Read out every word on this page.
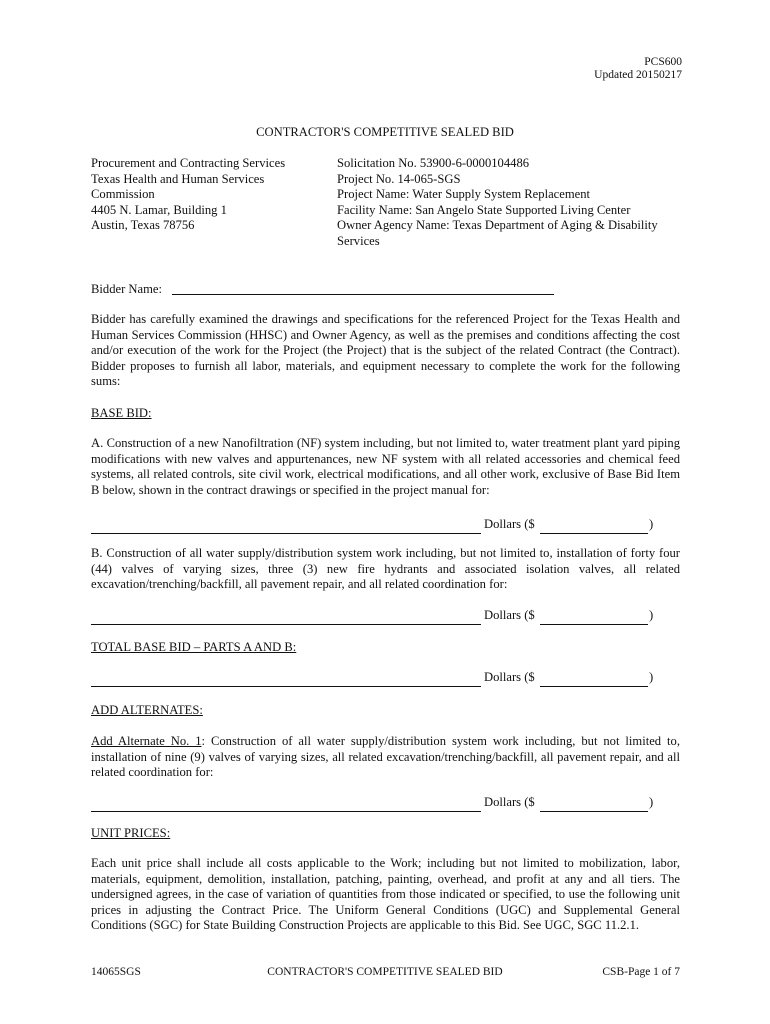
PCS600
Updated 20150217
CONTRACTOR'S COMPETITIVE SEALED BID
Procurement and Contracting Services
Texas Health and Human Services
Commission
4405 N. Lamar, Building 1
Austin, Texas 78756
Solicitation No. 53900-6-0000104486
Project No. 14-065-SGS
Project Name: Water Supply System Replacement
Facility Name: San Angelo State Supported Living Center
Owner Agency Name: Texas Department of Aging & Disability
Services
Bidder Name:
Bidder has carefully examined the drawings and specifications for the referenced Project for the Texas Health and Human Services Commission (HHSC) and Owner Agency, as well as the premises and conditions affecting the cost and/or execution of the work for the Project (the Project) that is the subject of the related Contract (the Contract). Bidder proposes to furnish all labor, materials, and equipment necessary to complete the work for the following sums:
BASE BID:
A. Construction of a new Nanofiltration (NF) system including, but not limited to, water treatment plant yard piping modifications with new valves and appurtenances, new NF system with all related accessories and chemical feed systems, all related controls, site civil work, electrical modifications, and all other work, exclusive of Base Bid Item B below, shown in the contract drawings or specified in the project manual for:
Dollars ($	)
B. Construction of all water supply/distribution system work including, but not limited to, installation of forty four (44) valves of varying sizes, three (3) new fire hydrants and associated isolation valves, all related excavation/trenching/backfill, all pavement repair, and all related coordination for:
Dollars ($	)
TOTAL BASE BID – PARTS A AND B:
Dollars ($	)
ADD ALTERNATES:
Add Alternate No. 1: Construction of all water supply/distribution system work including, but not limited to, installation of nine (9) valves of varying sizes, all related excavation/trenching/backfill, all pavement repair, and all related coordination for:
Dollars ($	)
UNIT PRICES:
Each unit price shall include all costs applicable to the Work; including but not limited to mobilization, labor, materials, equipment, demolition, installation, patching, painting, overhead, and profit at any and all tiers. The undersigned agrees, in the case of variation of quantities from those indicated or specified, to use the following unit prices in adjusting the Contract Price. The Uniform General Conditions (UGC) and Supplemental General Conditions (SGC) for State Building Construction Projects are applicable to this Bid. See UGC, SGC 11.2.1.
14065SGS	CONTRACTOR'S COMPETITIVE SEALED BID	CSB-Page 1 of 7
